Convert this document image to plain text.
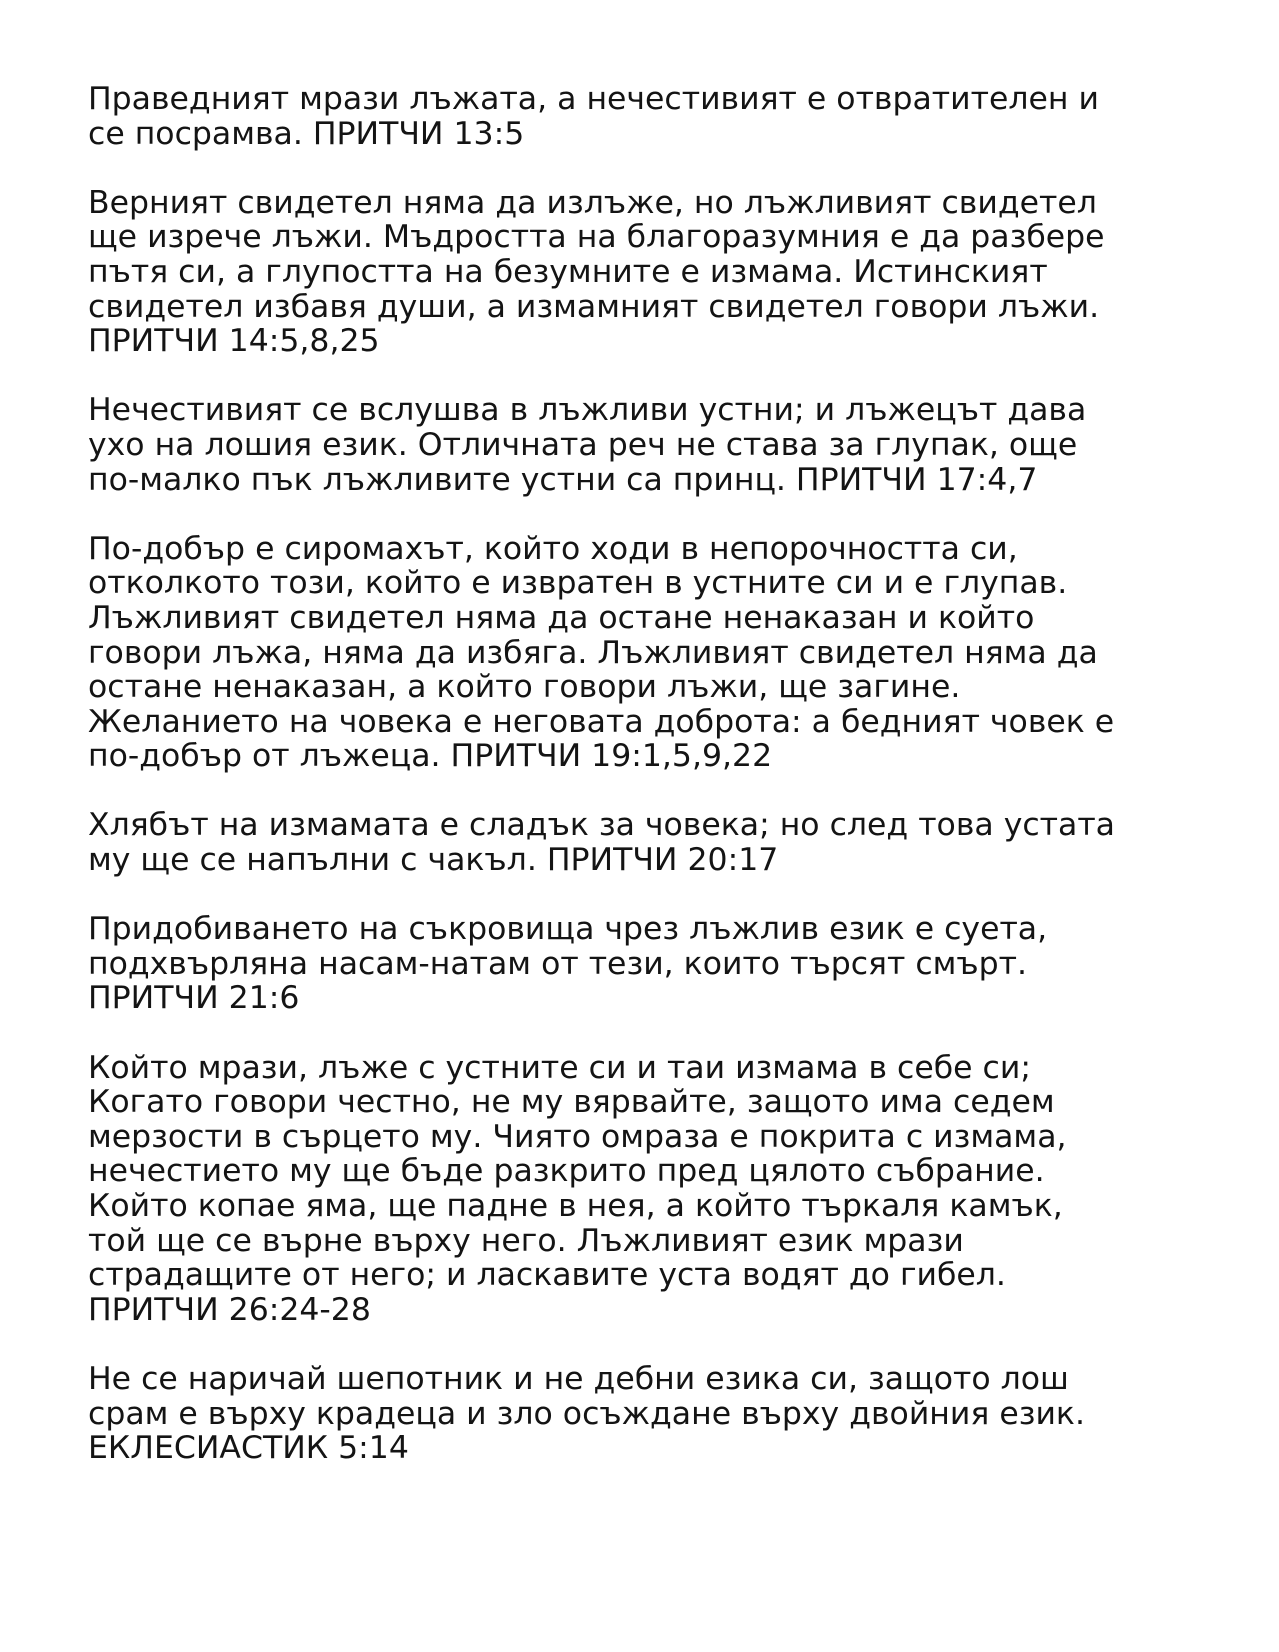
Праведният мрази лъжата, а нечестивият е отвратителен и
се посрамва. ПРИТЧИ 13:5

Верният свидетел няма да излъже, но лъжливият свидетел
ще изрече лъжи. Мъдростта на благоразумния е да разбере
пътя си, а глупостта на безумните е измама. Истинският
свидетел избавя души, а измамният свидетел говори лъжи.
ПРИТЧИ 14:5,8,25

Нечестивият се вслушва в лъжливи устни; и лъжецът дава
ухо на лошия език. Отличната реч не става за глупак, още
по-малко пък лъжливите устни са принц. ПРИТЧИ 17:4,7

По-добър е сиромахът, който ходи в непорочността си,
отколкото този, който е извратен в устните си и е глупав.
Лъжливият свидетел няма да остане ненаказан и който
говори лъжа, няма да избяга. Лъжливият свидетел няма да
остане ненаказан, а който говори лъжи, ще загине.
Желанието на човека е неговата доброта: а бедният човек е
по-добър от лъжеца. ПРИТЧИ 19:1,5,9,22

Хлябът на измамата е сладък за човека; но след това устата
му ще се напълни с чакъл. ПРИТЧИ 20:17

Придобиването на съкровища чрез лъжлив език е суета,
подхвърляна насам-натам от тези, които търсят смърт.
ПРИТЧИ 21:6

Който мрази, лъже с устните си и таи измама в себе си;
Когато говори честно, не му вярвайте, защото има седем
мерзости в сърцето му. Чиято омраза е покрита с измама,
нечестието му ще бъде разкрито пред цялото събрание.
Който копае яма, ще падне в нея, а който търкаля камък,
той ще се върне върху него. Лъжливият език мрази
страдащите от него; и ласкавите уста водят до гибел.
ПРИТЧИ 26:24-28

Не се наричай шепотник и не дебни езика си, защото лош
срам е върху крадеца и зло осъждане върху двойния език.
ЕКЛЕСИАСТИК 5:14
